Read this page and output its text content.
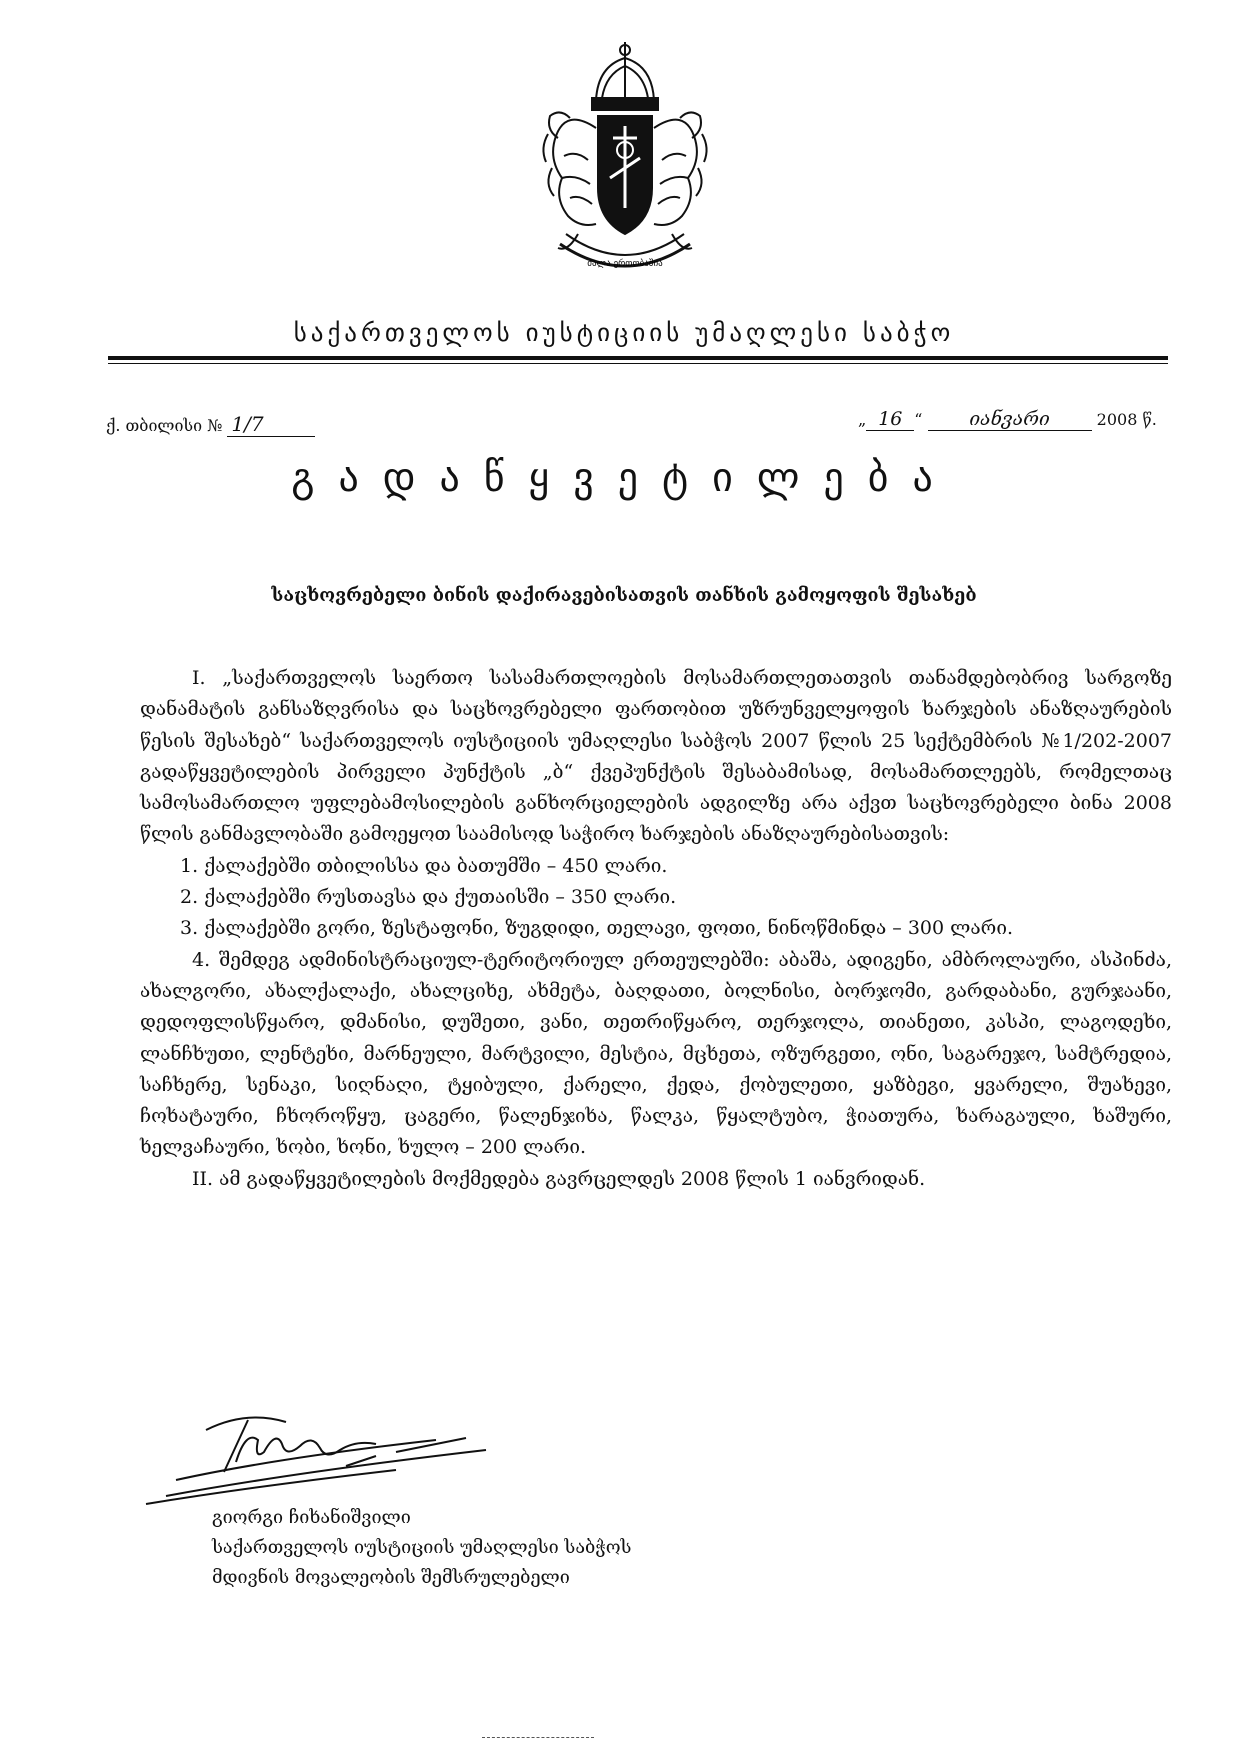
ძალა ერთობაშია
საქართველოს იუსტიციის უმაღლესი საბჭო
ქ. თბილისი № 1/7	„ 16 “ იანვარი	2008 წ.
გადაწყვეტილება
საცხოვრებელი ბინის დაქირავებისათვის თანხის გამოყოფის შესახებ

I. „საქართველოს საერთო სასამართლოების მოსამართლეთათვის თანამდებობრივ სარგოზე დანამატის განსაზღვრისა და საცხოვრებელი ფართობით უზრუნველყოფის ხარჯების ანაზღაურების წესის შესახებ“ საქართველოს იუსტიციის უმაღლესი საბჭოს 2007 წლის 25 სექტემბრის №1/202-2007 გადაწყვეტილების პირველი პუნქტის „ბ“ ქვეპუნქტის შესაბამისად, მოსამართლეებს, რომელთაც სამოსამართლო უფლებამოსილების განხორციელების ადგილზე არა აქვთ საცხოვრებელი ბინა 2008 წლის განმავლობაში გამოეყოთ საამისოდ საჭირო ხარჯების ანაზღაურებისათვის:

1. ქალაქებში თბილისსა და ბათუმში – 450 ლარი.

2. ქალაქებში რუსთავსა და ქუთაისში – 350 ლარი.

3. ქალაქებში გორი, ზესტაფონი, ზუგდიდი, თელავი, ფოთი, ნინოწმინდა – 300 ლარი.

4. შემდეგ ადმინისტრაციულ-ტერიტორიულ ერთეულებში: აბაშა, ადიგენი, ამბროლაური, ასპინძა, ახალგორი, ახალქალაქი, ახალციხე, ახმეტა, ბაღდათი, ბოლნისი, ბორჯომი, გარდაბანი, გურჯაანი, დედოფლისწყარო, დმანისი, დუშეთი, ვანი, თეთრიწყარო, თერჯოლა, თიანეთი, კასპი, ლაგოდეხი, ლანჩხუთი, ლენტეხი, მარნეული, მარტვილი, მესტია, მცხეთა, ოზურგეთი, ონი, საგარეჯო, სამტრედია, საჩხერე, სენაკი, სიღნაღი, ტყიბული, ქარელი, ქედა, ქობულეთი, ყაზბეგი, ყვარელი, შუახევი, ჩოხატაური, ჩხოროწყუ, ცაგერი, წალენჯიხა, წალკა, წყალტუბო, ჭიათურა, ხარაგაული, ხაშური, ხელვაჩაური, ხობი, ხონი, ხულო – 200 ლარი.

II. ამ გადაწყვეტილების მოქმედება გავრცელდეს 2008 წლის 1 იანვრიდან.

გიორგი ჩიხანიშვილი
საქართველოს იუსტიციის უმაღლესი საბჭოს
მდივნის მოვალეობის შემსრულებელი
